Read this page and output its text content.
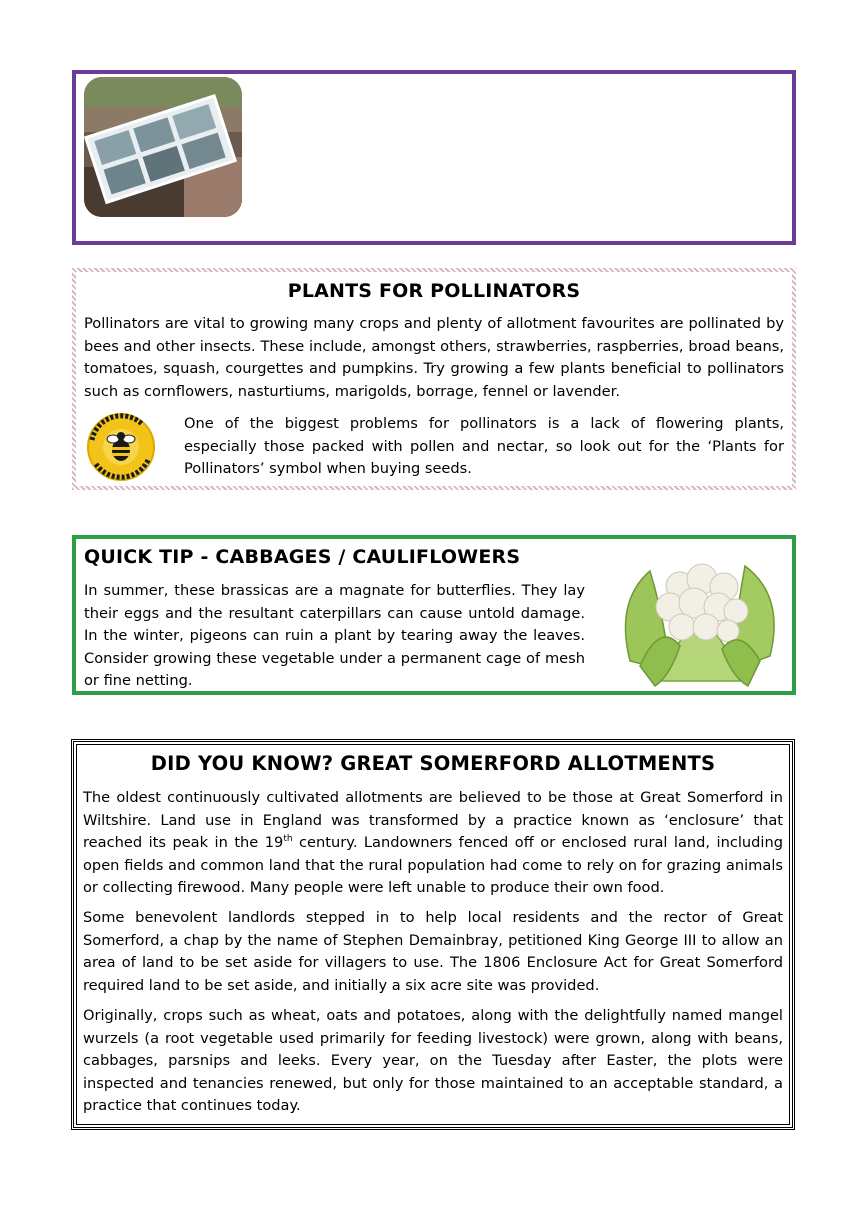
PLANTS FOR POLLINATORS
Pollinators are vital to growing many crops and plenty of allotment favourites are pollinated by bees and other insects. These include, amongst others, strawberries, raspberries, broad beans, tomatoes, squash, courgettes and pumpkins. Try growing a few plants beneficial to pollinators such as cornflowers, nasturtiums, marigolds, borrage, fennel or lavender.
One of the biggest problems for pollinators is a lack of flowering plants, especially those packed with pollen and nectar, so look out for the ‘Plants for Pollinators’ symbol when buying seeds.
QUICK TIP - CABBAGES / CAULIFLOWERS
In summer, these brassicas are a magnate for butterflies. They lay their eggs and the resultant caterpillars can cause untold damage. In the winter, pigeons can ruin a plant by tearing away the leaves. Consider growing these vegetable under a permanent cage of mesh or fine netting.
DID YOU KNOW? GREAT SOMERFORD ALLOTMENTS
The oldest continuously cultivated allotments are believed to be those at Great Somerford in Wiltshire. Land use in England was transformed by a practice known as ‘enclosure’ that reached its peak in the 19th century. Landowners fenced off or enclosed rural land, including open fields and common land that the rural population had come to rely on for grazing animals or collecting firewood. Many people were left unable to produce their own food.
Some benevolent landlords stepped in to help local residents and the rector of Great Somerford, a chap by the name of Stephen Demainbray, petitioned King George III to allow an area of land to be set aside for villagers to use. The 1806 Enclosure Act for Great Somerford required land to be set aside, and initially a six acre site was provided.
Originally, crops such as wheat, oats and potatoes, along with the delightfully named mangel wurzels (a root vegetable used primarily for feeding livestock) were grown, along with beans, cabbages, parsnips and leeks. Every year, on the Tuesday after Easter, the plots were inspected and tenancies renewed, but only for those maintained to an acceptable standard, a practice that continues today.
